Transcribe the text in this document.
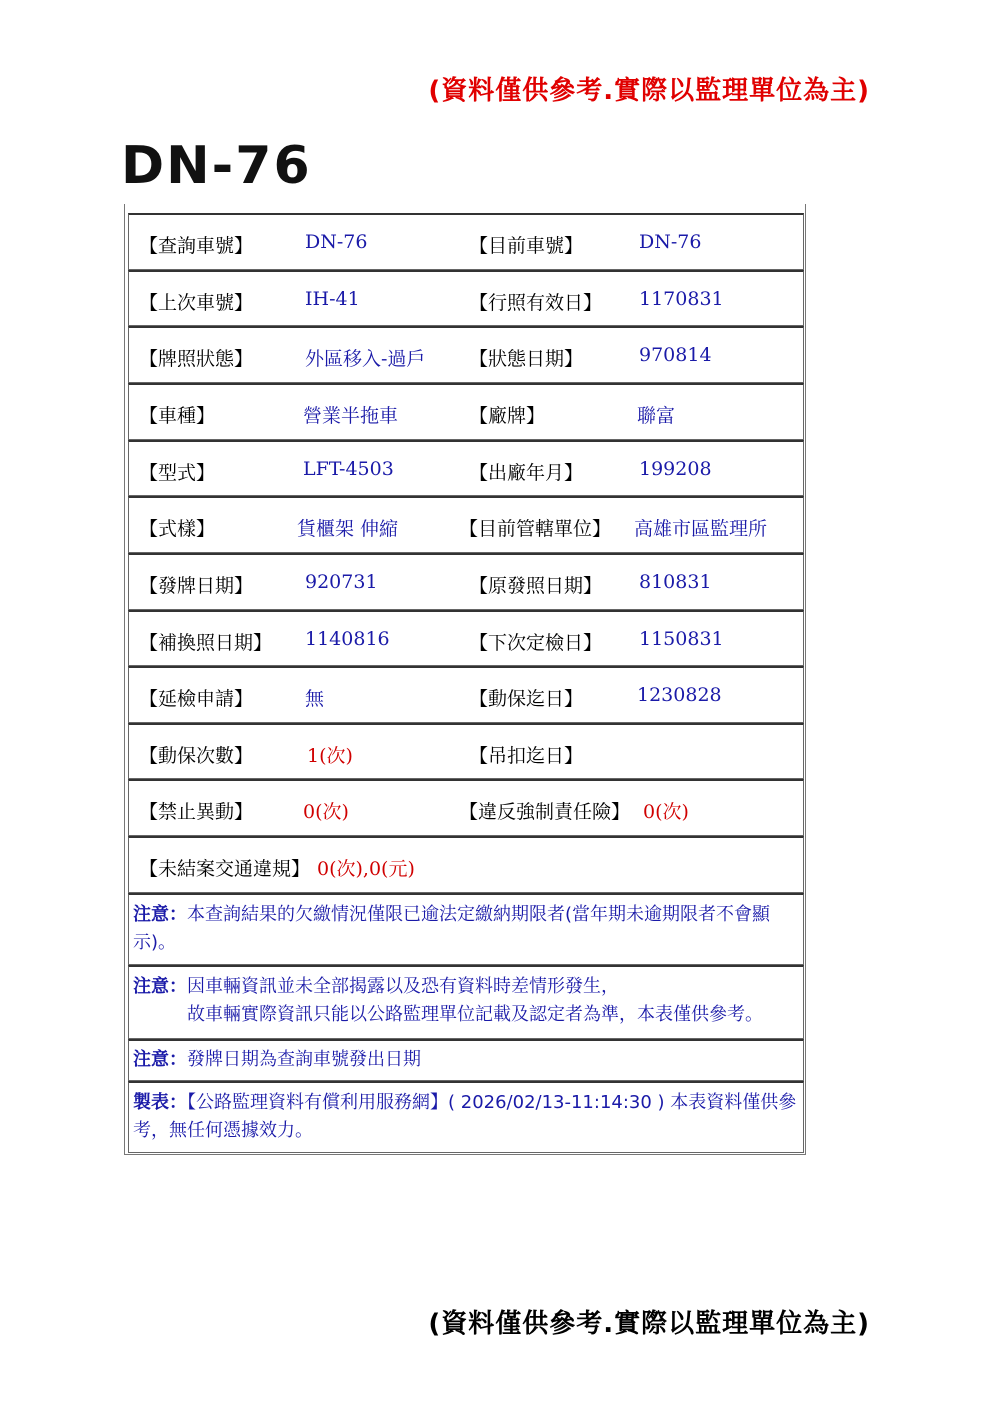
(資料僅供參考.實際以監理單位為主)
DN-76
【查詢車號】	DN-76	【目前車號】	DN-76
【上次車號】	IH-41	【行照有效日】 1170831
【牌照狀態】	外區移入-過戶 【狀態日期】	970814
【車種】	營業半拖車	【廠牌】	聯富
【型式】	LFT-4503	【出廠年月】	199208
【式樣】	貨櫃架 伸縮	【目前管轄單位】 高雄市區監理所
【發牌日期】	920731	【原發照日期】 810831
【補換照日期】 1140816	【下次定檢日】 1150831
【延檢申請】	無	【動保迄日】	1230828
【動保次數】	1(次)	【吊扣迄日】
【禁止異動】	0(次)	【違反強制責任險】 0(次)
【未結案交通違規】 0(次),0(元)
注意：本查詢結果的欠繳情況僅限已逾法定繳納期限者(當年期未逾期限者不會顯示)。
注意：因車輛資訊並未全部揭露以及恐有資料時差情形發生，
故車輛實際資訊只能以公路監理單位記載及認定者為準，本表僅供參考。
注意：發牌日期為查詢車號發出日期
製表：【公路監理資料有償利用服務網】( 2026/02/13-11:14:30 ) 本表資料僅供參考，無任何憑據效力。
(資料僅供參考.實際以監理單位為主)
